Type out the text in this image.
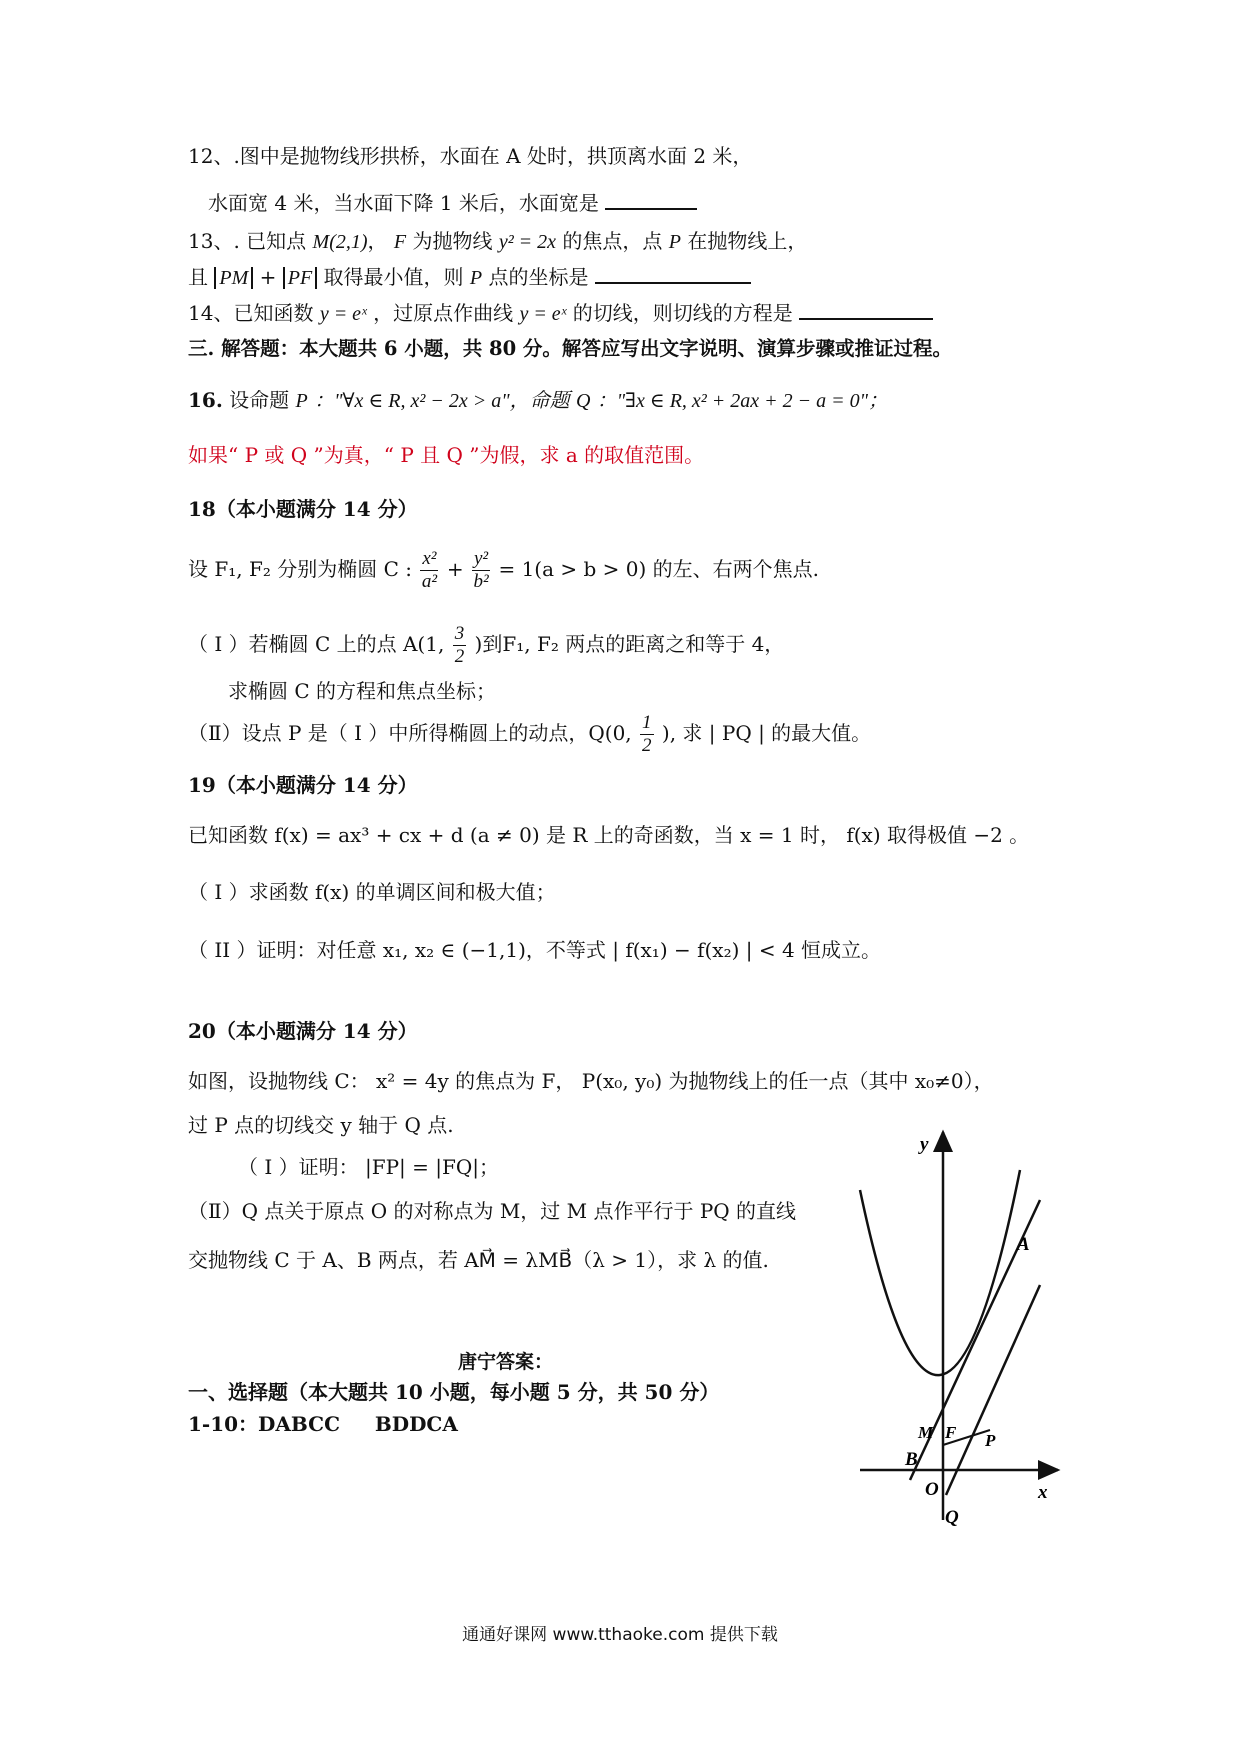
12、.图中是抛物线形拱桥，水面在 A 处时，拱顶离水面 2 米，
水面宽 4 米，当水面下降 1 米后，水面宽是
13、. 已知点 M(2,1)， F 为抛物线 y² = 2x 的焦点，点 P 在抛物线上，
且 PM + PF 取得最小值，则 P 点的坐标是
14、已知函数 y = eˣ ，过原点作曲线 y = eˣ 的切线，则切线的方程是
三. 解答题：本大题共 6 小题，共 80 分。解答应写出文字说明、演算步骤或推证过程。
16. 设命题 P ："∀x ∈ R, x² − 2x > a"，命题 Q ："∃x ∈ R, x² + 2ax + 2 − a = 0"；
如果“ P 或 Q ”为真，“ P 且 Q ”为假，求 a 的取值范围。
18（本小题满分 14 分）
设 F₁, F₂ 分别为椭圆 C : $\frac{\text{x²}}{\text{a²}} + \frac{\text{y²}}{\text{b²}} = 1(a > b > 0)$ 的左、右两个焦点.
（ I ）若椭圆 C 上的点 A(1, $\frac{3}{2}$ )到F₁, F₂ 两点的距离之和等于 4，
求椭圆 C 的方程和焦点坐标；
（Ⅱ）设点 P 是（ I ）中所得椭圆上的动点，Q(0, $\frac{1}{2}$ ), 求 | PQ | 的最大值。
19（本小题满分 14 分）
已知函数 f(x) = ax³ + cx + d (a ≠ 0) 是 R 上的奇函数，当 x = 1 时， f(x) 取得极值 −2 。
（ I ）求函数 f(x) 的单调区间和极大值；
（ II ）证明：对任意 x₁, x₂ ∈ (−1,1)，不等式 | f(x₁) − f(x₂) | < 4 恒成立。
20（本小题满分 14 分）
如图，设抛物线 C： x² = 4y 的焦点为 F， P(x₀, y₀) 为抛物线上的任一点（其中 x₀≠0），
过 P 点的切线交 y 轴于 Q 点.
（ I ）证明： |FP| = |FQ|；
（Ⅱ）Q 点关于原点 O 的对称点为 M，过 M 点作平行于 PQ 的直线
交抛物线 C 于 A、B 两点，若 AM⃗ = λMB⃗（λ > 1），求 λ 的值.
y
x
A
M F P
B
O
Q
唐宁答案：
一、选择题（本大题共 10 小题，每小题 5 分，共 50 分）
1-10：DABCC     BDDCA
通通好课网 www.tthaoke.com 提供下载
